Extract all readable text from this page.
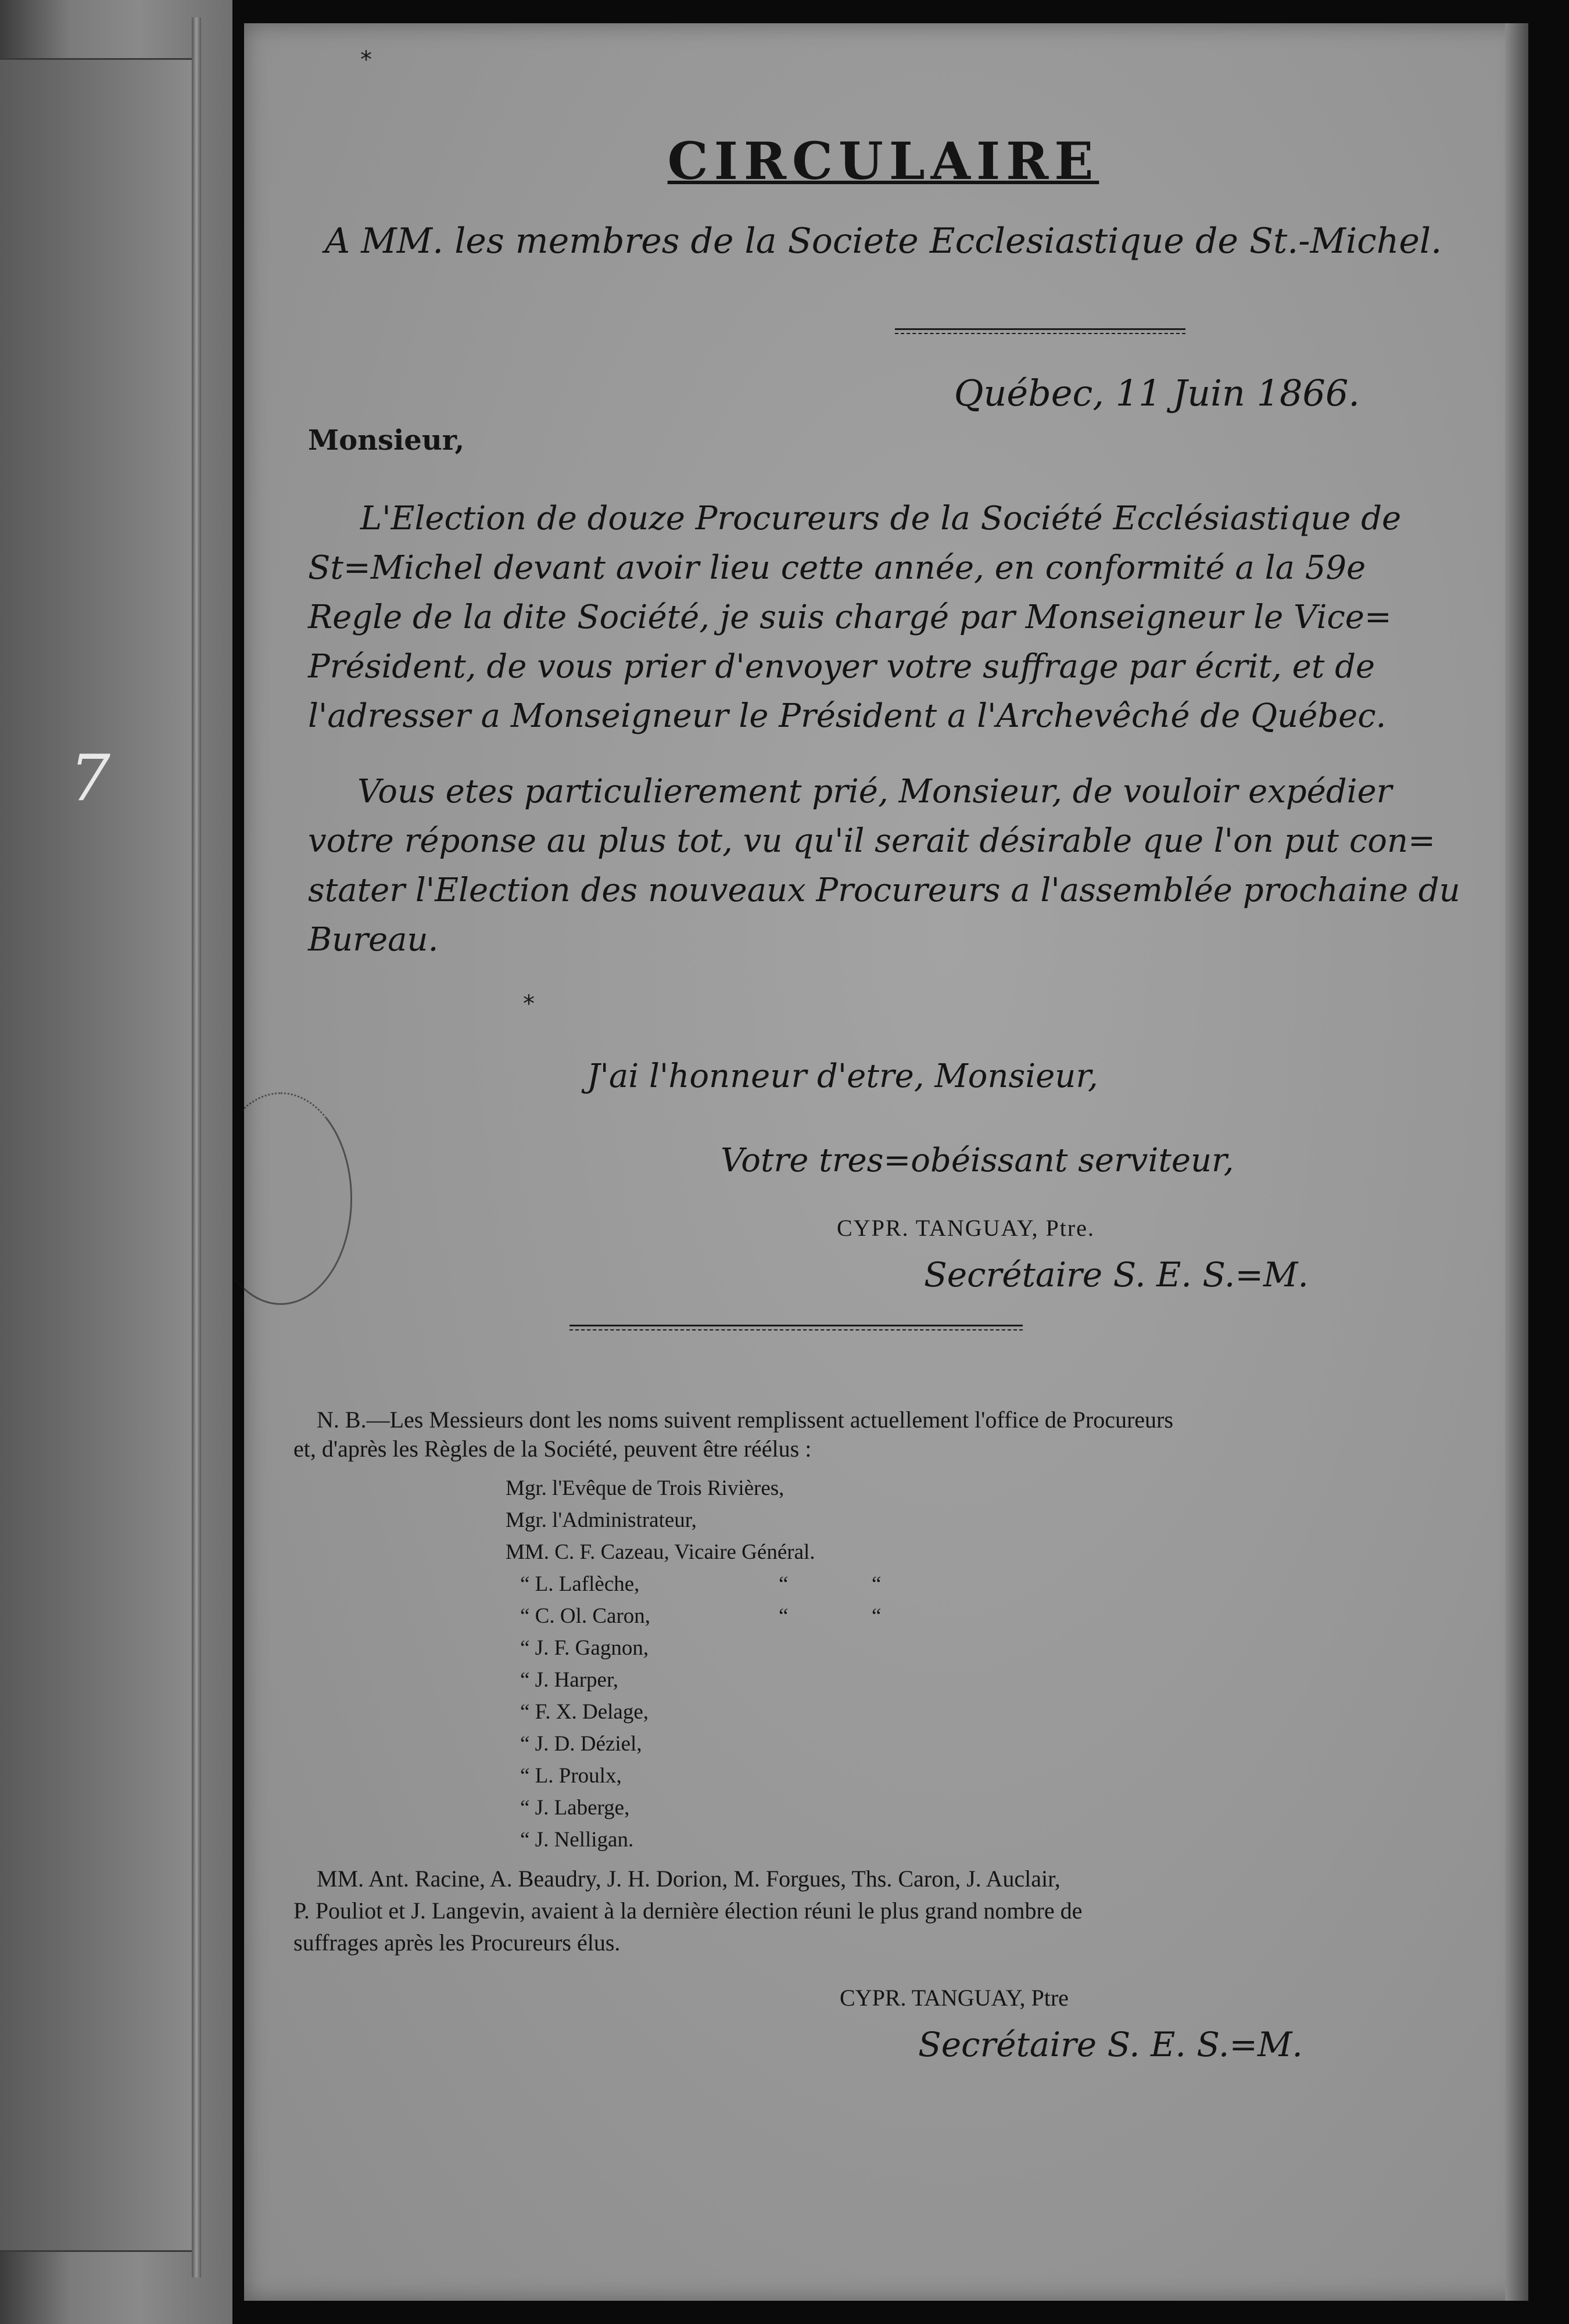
7
*
CIRCULAIRE
A MM. les membres de la Societe Ecclesiastique de St.-Michel.
Québec, 11 Juin 1866.
Monsieur,
L'Election de douze Procureurs de la Société Ecclésiastique de
St=Michel devant avoir lieu cette année, en conformité a la 59e
Regle de la dite Société, je suis chargé par Monseigneur le Vice=
Président, de vous prier d'envoyer votre suffrage par écrit, et de
l'adresser a Monseigneur le Président a l'Archevêché de Québec.
Vous etes particulierement prié, Monsieur, de vouloir expédier
votre réponse au plus tot, vu qu'il serait désirable que l'on put con=
stater l'Election des nouveaux Procureurs a l'assemblée prochaine du
Bureau.
*
J'ai l'honneur d'etre, Monsieur,
Votre tres=obéissant serviteur,
CYPR. TANGUAY, Ptre.
Secrétaire S. E. S.=M.
N. B.—Les Messieurs dont les noms suivent remplissent actuellement l'office de Procureurs
et, d'après les Règles de la Société, peuvent être réélus :
Mgr. l'Evêque de Trois Rivières,
Mgr. l'Administrateur,
MM. C. F. Cazeau, Vicaire Général.
“ L. Laflèche,	“	“
“ C. Ol. Caron,	“	“
“ J. F. Gagnon,
“ J. Harper,
“ F. X. Delage,
“ J. D. Déziel,
“ L. Proulx,
“ J. Laberge,
“ J. Nelligan.
MM. Ant. Racine, A. Beaudry, J. H. Dorion, M. Forgues, Ths. Caron, J. Auclair,
P. Pouliot et J. Langevin, avaient à la dernière élection réuni le plus grand nombre de
suffrages après les Procureurs élus.
CYPR. TANGUAY, Ptre
Secrétaire S. E. S.=M.
